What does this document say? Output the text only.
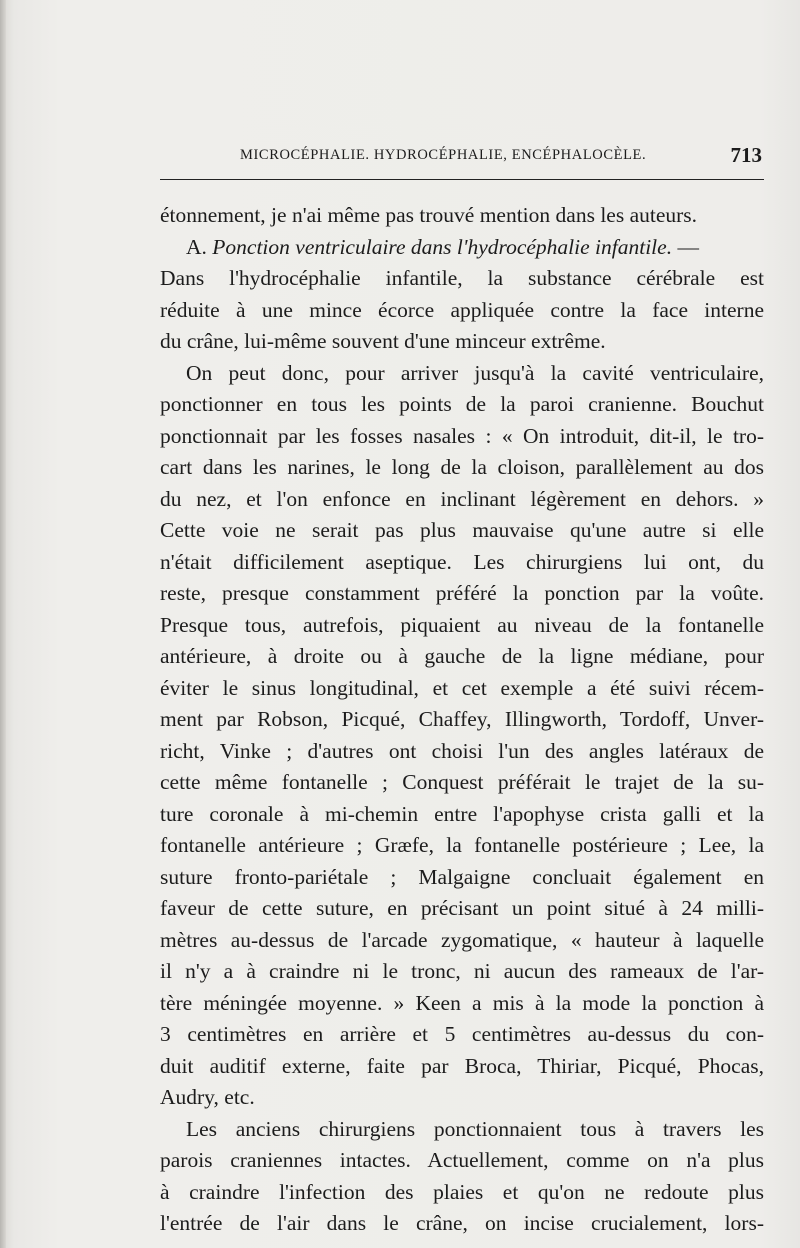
MICROCÉPHALIE. HYDROCÉPHALIE, ENCÉPHALOCÈLE.	713
étonnement, je n'ai même pas trouvé mention dans les auteurs.
A. Ponction ventriculaire dans l'hydrocéphalie infantile. —
Dans l'hydrocéphalie infantile, la substance cérébrale est
réduite à une mince écorce appliquée contre la face interne
du crâne, lui-même souvent d'une minceur extrême.
On peut donc, pour arriver jusqu'à la cavité ventriculaire,
ponctionner en tous les points de la paroi cranienne. Bouchut
ponctionnait par les fosses nasales : « On introduit, dit-il, le tro-
cart dans les narines, le long de la cloison, parallèlement au dos
du nez, et l'on enfonce en inclinant légèrement en dehors. »
Cette voie ne serait pas plus mauvaise qu'une autre si elle
n'était difficilement aseptique. Les chirurgiens lui ont, du
reste, presque constamment préféré la ponction par la voûte.
Presque tous, autrefois, piquaient au niveau de la fontanelle
antérieure, à droite ou à gauche de la ligne médiane, pour
éviter le sinus longitudinal, et cet exemple a été suivi récem-
ment par Robson, Picqué, Chaffey, Illingworth, Tordoff, Unver-
richt, Vinke ; d'autres ont choisi l'un des angles latéraux de
cette même fontanelle ; Conquest préférait le trajet de la su-
ture coronale à mi-chemin entre l'apophyse crista galli et la
fontanelle antérieure ; Græfe, la fontanelle postérieure ; Lee, la
suture fronto-pariétale ; Malgaigne concluait également en
faveur de cette suture, en précisant un point situé à 24 milli-
mètres au-dessus de l'arcade zygomatique, « hauteur à laquelle
il n'y a à craindre ni le tronc, ni aucun des rameaux de l'ar-
tère méningée moyenne. » Keen a mis à la mode la ponction à
3 centimètres en arrière et 5 centimètres au-dessus du con-
duit auditif externe, faite par Broca, Thiriar, Picqué, Phocas,
Audry, etc.
Les anciens chirurgiens ponctionnaient tous à travers les
parois craniennes intactes. Actuellement, comme on n'a plus
à craindre l'infection des plaies et qu'on ne redoute plus
l'entrée de l'air dans le crâne, on incise crucialement, lors-
